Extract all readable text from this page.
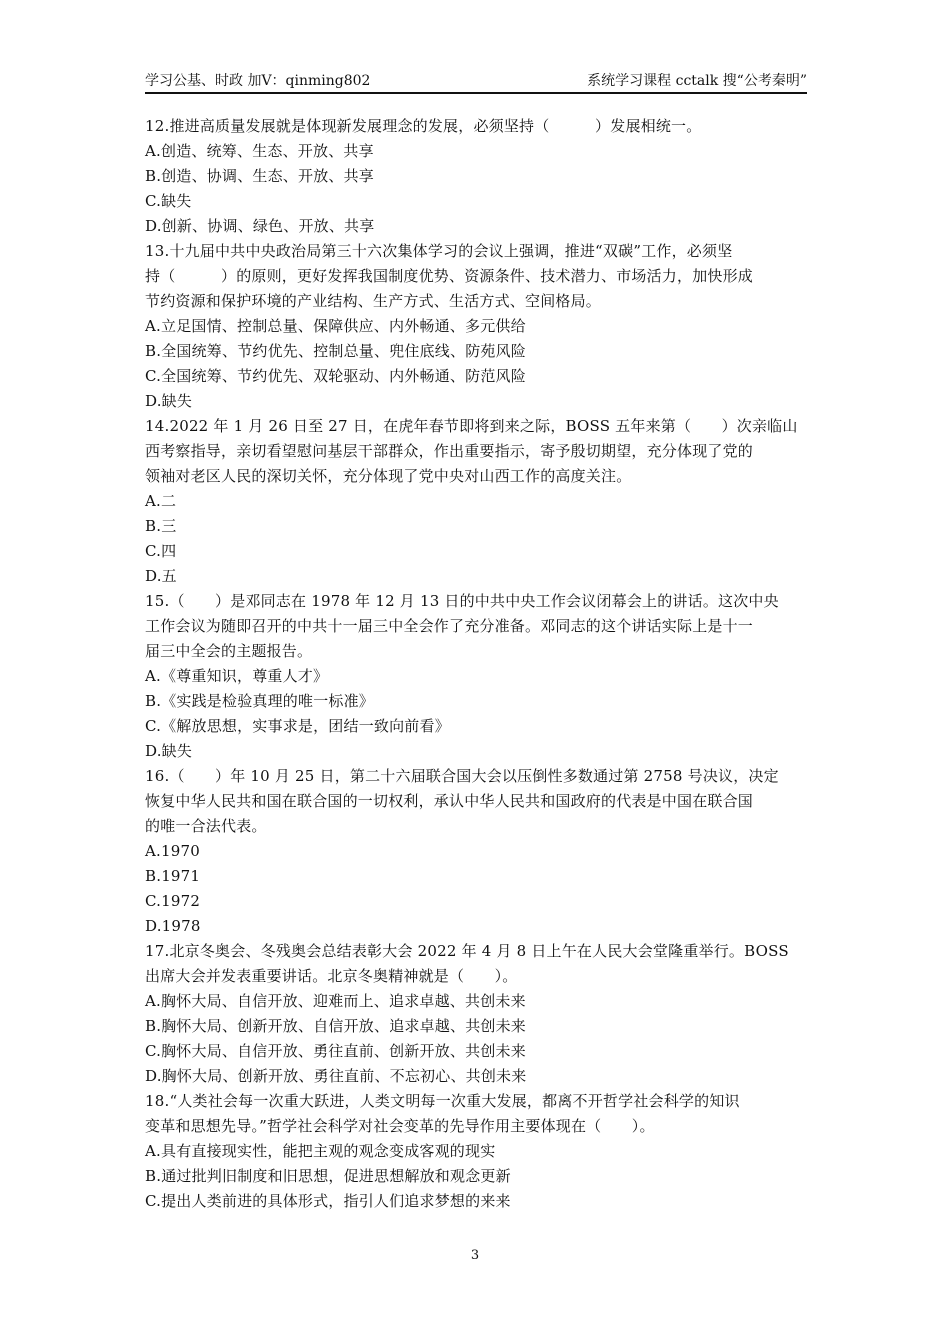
学习公基、时政 加V：qinming802	系统学习课程 cctalk 搜“公考秦明”
12.推进高质量发展就是体现新发展理念的发展，必须坚持（　　　）发展相统一。
A.创造、统筹、生态、开放、共享
B.创造、协调、生态、开放、共享
C.缺失
D.创新、协调、绿色、开放、共享
13.十九届中共中央政治局第三十六次集体学习的会议上强调，推进“双碳”工作，必须坚
持（　　　）的原则，更好发挥我国制度优势、资源条件、技术潜力、市场活力，加快形成
节约资源和保护环境的产业结构、生产方式、生活方式、空间格局。
A.立足国情、控制总量、保障供应、内外畅通、多元供给
B.全国统筹、节约优先、控制总量、兜住底线、防苑风险
C.全国统筹、节约优先、双轮驱动、内外畅通、防范风险
D.缺失
14.2022 年 1 月 26 日至 27 日，在虎年春节即将到来之际，BOSS 五年来第（　　）次亲临山
西考察指导，亲切看望慰问基层干部群众，作出重要指示，寄予殷切期望，充分体现了党的
领袖对老区人民的深切关怀，充分体现了党中央对山西工作的高度关注。
A.二
B.三
C.四
D.五
15.（　　）是邓同志在 1978 年 12 月 13 日的中共中央工作会议闭幕会上的讲话。这次中央
工作会议为随即召开的中共十一届三中全会作了充分准备。邓同志的这个讲话实际上是十一
届三中全会的主题报告。
A.《尊重知识，尊重人才》
B.《实践是检验真理的唯一标准》
C.《解放思想，实事求是，团结一致向前看》
D.缺失
16.（　　）年 10 月 25 日，第二十六届联合国大会以压倒性多数通过第 2758 号决议，决定
恢复中华人民共和国在联合国的一切权利，承认中华人民共和国政府的代表是中国在联合国
的唯一合法代表。
A.1970
B.1971
C.1972
D.1978
17.北京冬奥会、冬残奥会总结表彰大会 2022 年 4 月 8 日上午在人民大会堂隆重举行。BOSS
出席大会并发表重要讲话。北京冬奥精神就是（　　）。
A.胸怀大局、自信开放、迎难而上、追求卓越、共创未来
B.胸怀大局、创新开放、自信开放、追求卓越、共创未来
C.胸怀大局、自信开放、勇往直前、创新开放、共创未来
D.胸怀大局、创新开放、勇往直前、不忘初心、共创未来
18.“人类社会每一次重大跃进，人类文明每一次重大发展，都离不开哲学社会科学的知识
变革和思想先导。”哲学社会科学对社会变革的先导作用主要体现在（　　）。
A.具有直接现实性，能把主观的观念变成客观的现实
B.通过批判旧制度和旧思想，促进思想解放和观念更新
C.提出人类前进的具体形式，指引人们追求梦想的来来
3
